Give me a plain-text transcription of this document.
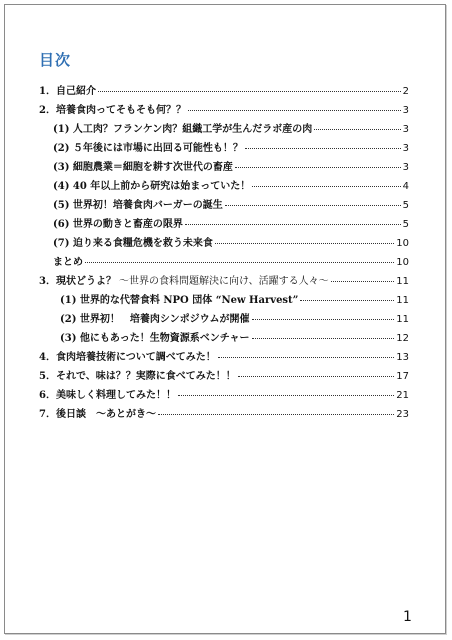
目次
1．自己紹介	2
2．培養食肉ってそもそも何？？	3
(1) 人工肉？フランケン肉？組織工学が生んだラボ産の肉	3
(2) ５年後には市場に出回る可能性も！？	3
(3) 細胞農業＝細胞を耕す次世代の畜産	3
(4) 40 年以上前から研究は始まっていた！	4
(5) 世界初！培養食肉バーガーの誕生	5
(6) 世界の動きと畜産の限界	5
(7) 迫り来る食糧危機を救う未来食	10
まとめ	10
3．現状どうよ？ ～世界の食料問題解決に向け、活躍する人々～	11
(1) 世界的な代替食料 NPO 団体 “New Harvest”	11
(2) 世界初！　培養肉シンポジウムが開催	11
(3) 他にもあった！生物資源系ベンチャー	12
4．食肉培養技術について調べてみた！	13
5．それで、味は？？実際に食べてみた！！	17
6．美味しく料理してみた！！	21
7．後日談　～あとがき～	23
1
